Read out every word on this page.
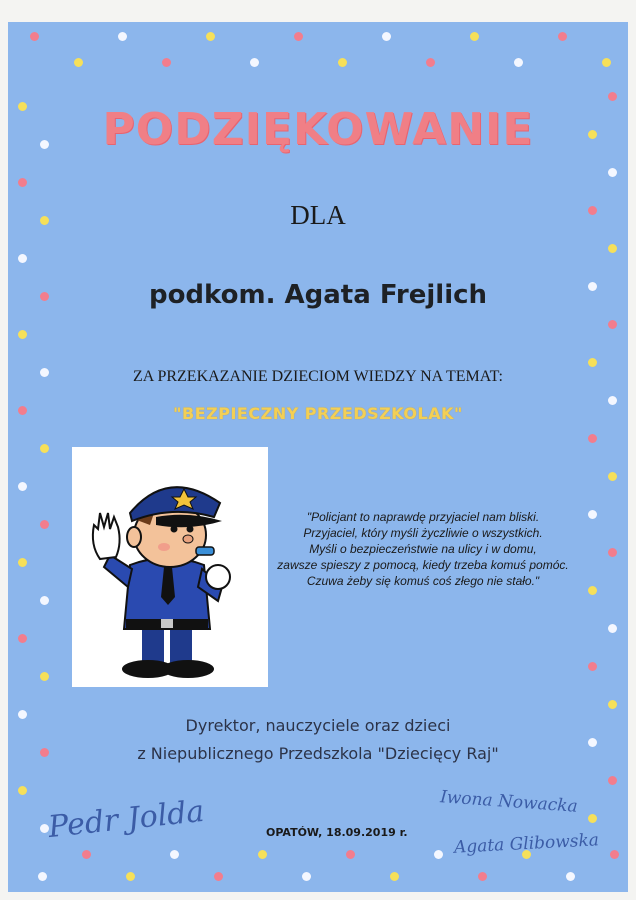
PODZIĘKOWANIE
DLA
podkom. Agata Frejlich
ZA PRZEKAZANIE DZIECIOM WIEDZY NA TEMAT:
"BEZPIECZNY PRZEDSZKOLAK"
"Policjant to naprawdę przyjaciel nam bliski.
Przyjaciel, który myśli życzliwie o wszystkich.
Myśli o bezpieczeństwie na ulicy i w domu,
zawsze spieszy z pomocą, kiedy trzeba komuś pomóc.
Czuwa żeby się komuś coś złego nie stało."
Dyrektor, nauczyciele oraz dzieci
z Niepublicznego Przedszkola "Dziecięcy Raj"
Pedr Jolda	OPATÓW, 18.09.2019 r.
Iwona Nowacka
Agata Glibowska
